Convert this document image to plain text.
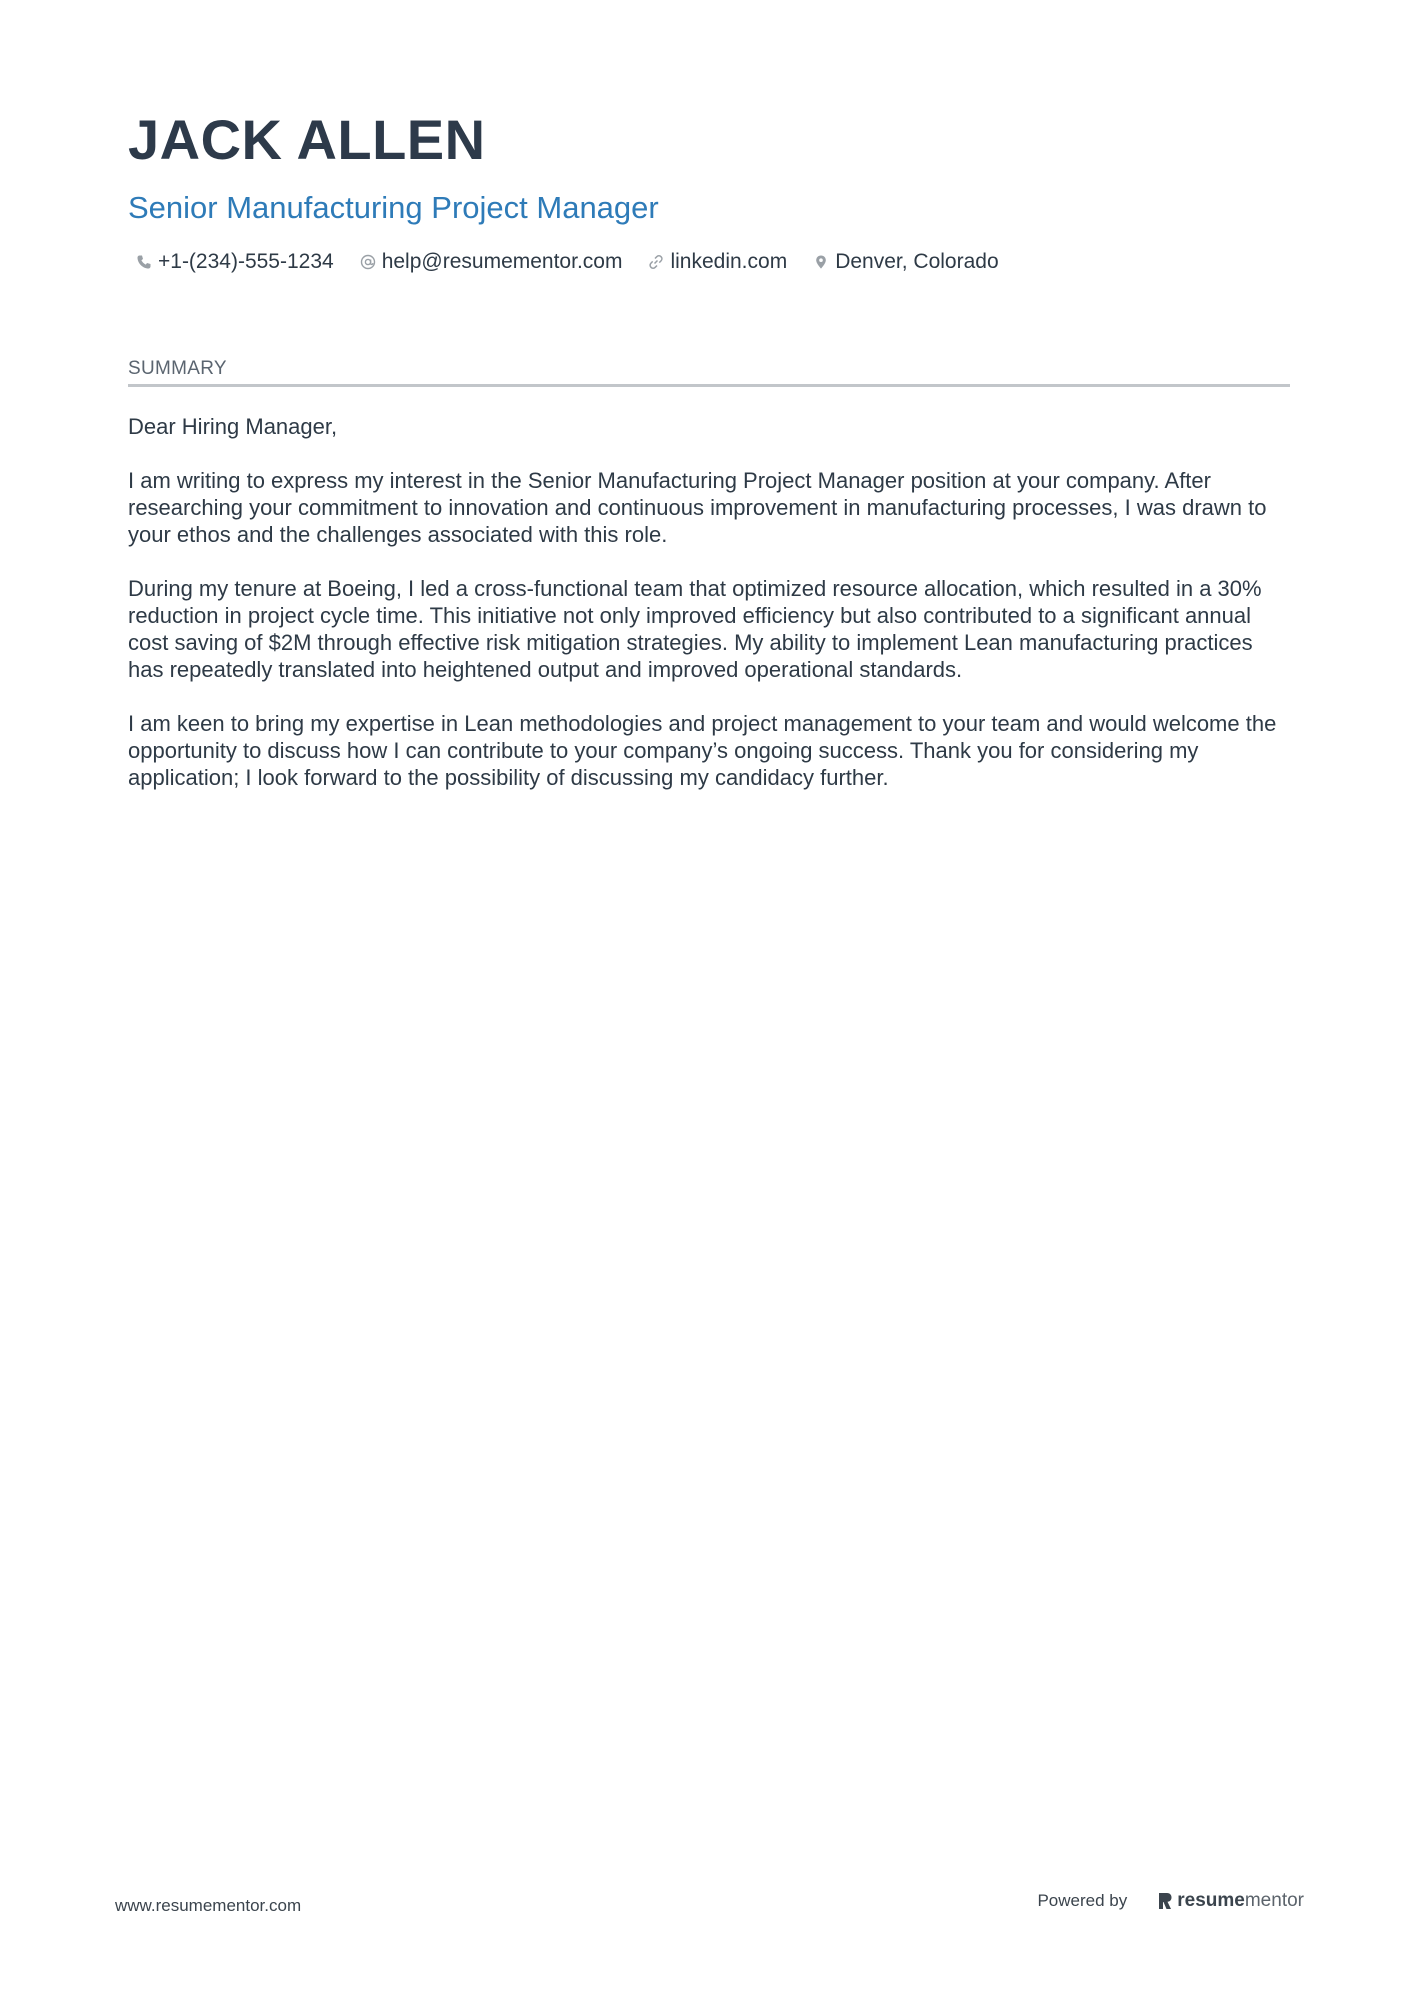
JACK ALLEN
Senior Manufacturing Project Manager
+1-(234)-555-1234 help@resumementor.com linkedin.com Denver, Colorado
SUMMARY

Dear Hiring Manager,

I am writing to express my interest in the Senior Manufacturing Project Manager position at your company. After researching your commitment to innovation and continuous improvement in manufacturing processes, I was drawn to your ethos and the challenges associated with this role.

During my tenure at Boeing, I led a cross-functional team that optimized resource allocation, which resulted in a 30% reduction in project cycle time. This initiative not only improved efficiency but also contributed to a significant annual cost saving of $2M through effective risk mitigation strategies. My ability to implement Lean manufacturing practices has repeatedly translated into heightened output and improved operational standards.

I am keen to bring my expertise in Lean methodologies and project management to your team and would welcome the opportunity to discuss how I can contribute to your company’s ongoing success. Thank you for considering my application; I look forward to the possibility of discussing my candidacy further.

www.resumementor.com	Powered by	resume mentor
